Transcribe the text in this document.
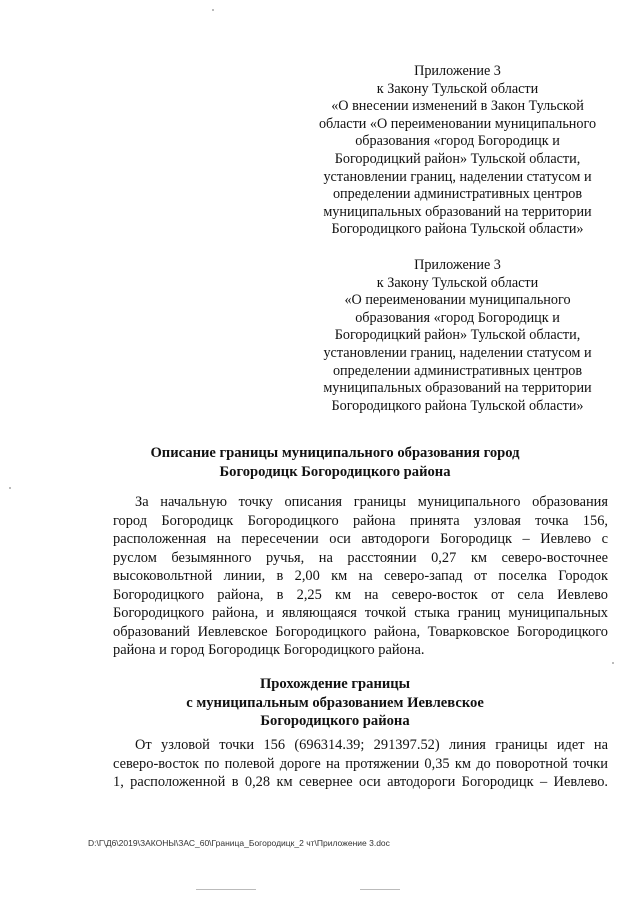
Приложение 3
к Закону Тульской области
«О внесении изменений в Закон Тульской
области «О переименовании муниципального
образования «город Богородицк и
Богородицкий район» Тульской области,
установлении границ, наделении статусом и
определении административных центров
муниципальных образований на территории
Богородицкого района Тульской области»
Приложение 3
к Закону Тульской области
«О переименовании муниципального
образования «город Богородицк и
Богородицкий район» Тульской области,
установлении границ, наделении статусом и
определении административных центров
муниципальных образований на территории
Богородицкого района Тульской области»
Описание границы муниципального образования город
Богородицк Богородицкого района
За начальную точку описания границы муниципального образования
город Богородицк Богородицкого района принята узловая точка 156,
расположенная на пересечении оси автодороги Богородицк – Иевлево с
руслом безымянного ручья, на расстоянии 0,27 км северо-восточнее
высоковольтной линии, в 2,00 км на северо-запад от поселка Городок
Богородицкого района, в 2,25 км на северо-восток от села Иевлево
Богородицкого района, и являющаяся точкой стыка границ муниципальных
образований Иевлевское Богородицкого района, Товарковское Богородицкого
района и город Богородицк Богородицкого района.
Прохождение границы
с муниципальным образованием Иевлевское
Богородицкого района
От узловой точки 156 (696314.39; 291397.52) линия границы идет на
северо-восток по полевой дороге на протяжении 0,35 км до поворотной точки
1, расположенной в 0,28 км севернее оси автодороги Богородицк – Иевлево.
D:\Г\Д6\2019\ЗАКОНЫ\ЗАС_60\Граница_Богородицк_2 чт\Приложение 3.doc
